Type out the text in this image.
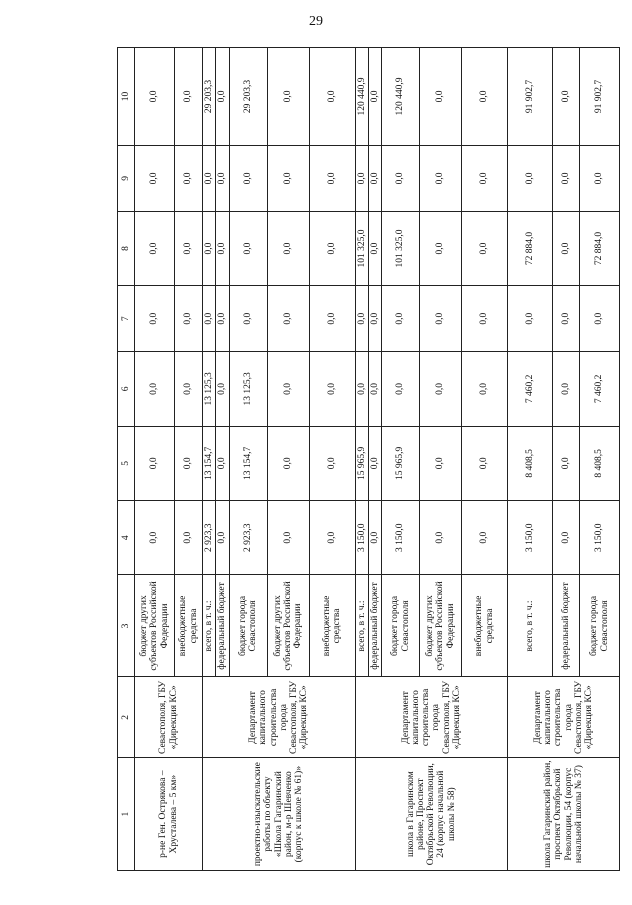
29
1	2	3	4	5	6	7	8	9	10
р-не Ген. Острякова – Хрусталева – 5 км»	Севастополя, ГБУ «Дирекция КС»	бюджет других субъектов Российской Федерации	0,0	0,0	0,0	0,0	0,0	0,0	0,0
		внебюджетные средства	0,0	0,0	0,0	0,0	0,0	0,0	0,0
проектно-изыскательские работы по объекту «Школа Гагаринский район, м-р Шевченко (корпус к школе № 61)»	Департамент капитального строительства города Севастополя, ГБУ «Дирекция КС»	всего, в т. ч.:	2 923,3	13 154,7	13 125,3	0,0	0,0	0,0	29 203,3
		федеральный бюджет	0,0	0,0	0,0	0,0	0,0	0,0	0,0
		бюджет города Севастополя	2 923,3	13 154,7	13 125,3	0,0	0,0	0,0	29 203,3
		бюджет других субъектов Российской Федерации	0,0	0,0	0,0	0,0	0,0	0,0	0,0
		внебюджетные средства	0,0	0,0	0,0	0,0	0,0	0,0	0,0
школа в Гагаринском районе, Проспект Октябрьской Революции, 24 (корпус начальной школы № 58)	Департамент капитального строительства города Севастополя, ГБУ «Дирекция КС»	всего, в т. ч.:	3 150,0	15 965,9	0,0	0,0	101 325,0	0,0	120 440,9
		федеральный бюджет	0,0	0,0	0,0	0,0	0,0	0,0	0,0
		бюджет города Севастополя	3 150,0	15 965,9	0,0	0,0	101 325,0	0,0	120 440,9
		бюджет других субъектов Российской Федерации	0,0	0,0	0,0	0,0	0,0	0,0	0,0
		внебюджетные средства	0,0	0,0	0,0	0,0	0,0	0,0	0,0
школа Гагаринский район, проспект Октябрьской Революции, 54 (корпус начальной школы № 37)	Департамент капитального строительства города Севастополя, ГБУ «Дирекция КС»	всего, в т. ч.:	3 150,0	8 408,5	7 460,2	0,0	72 884,0	0,0	91 902,7
		федеральный бюджет	0,0	0,0	0,0	0,0	0,0	0,0	0,0
		бюджет города Севастополя	3 150,0	8 408,5	7 460,2	0,0	72 884,0	0,0	91 902,7
